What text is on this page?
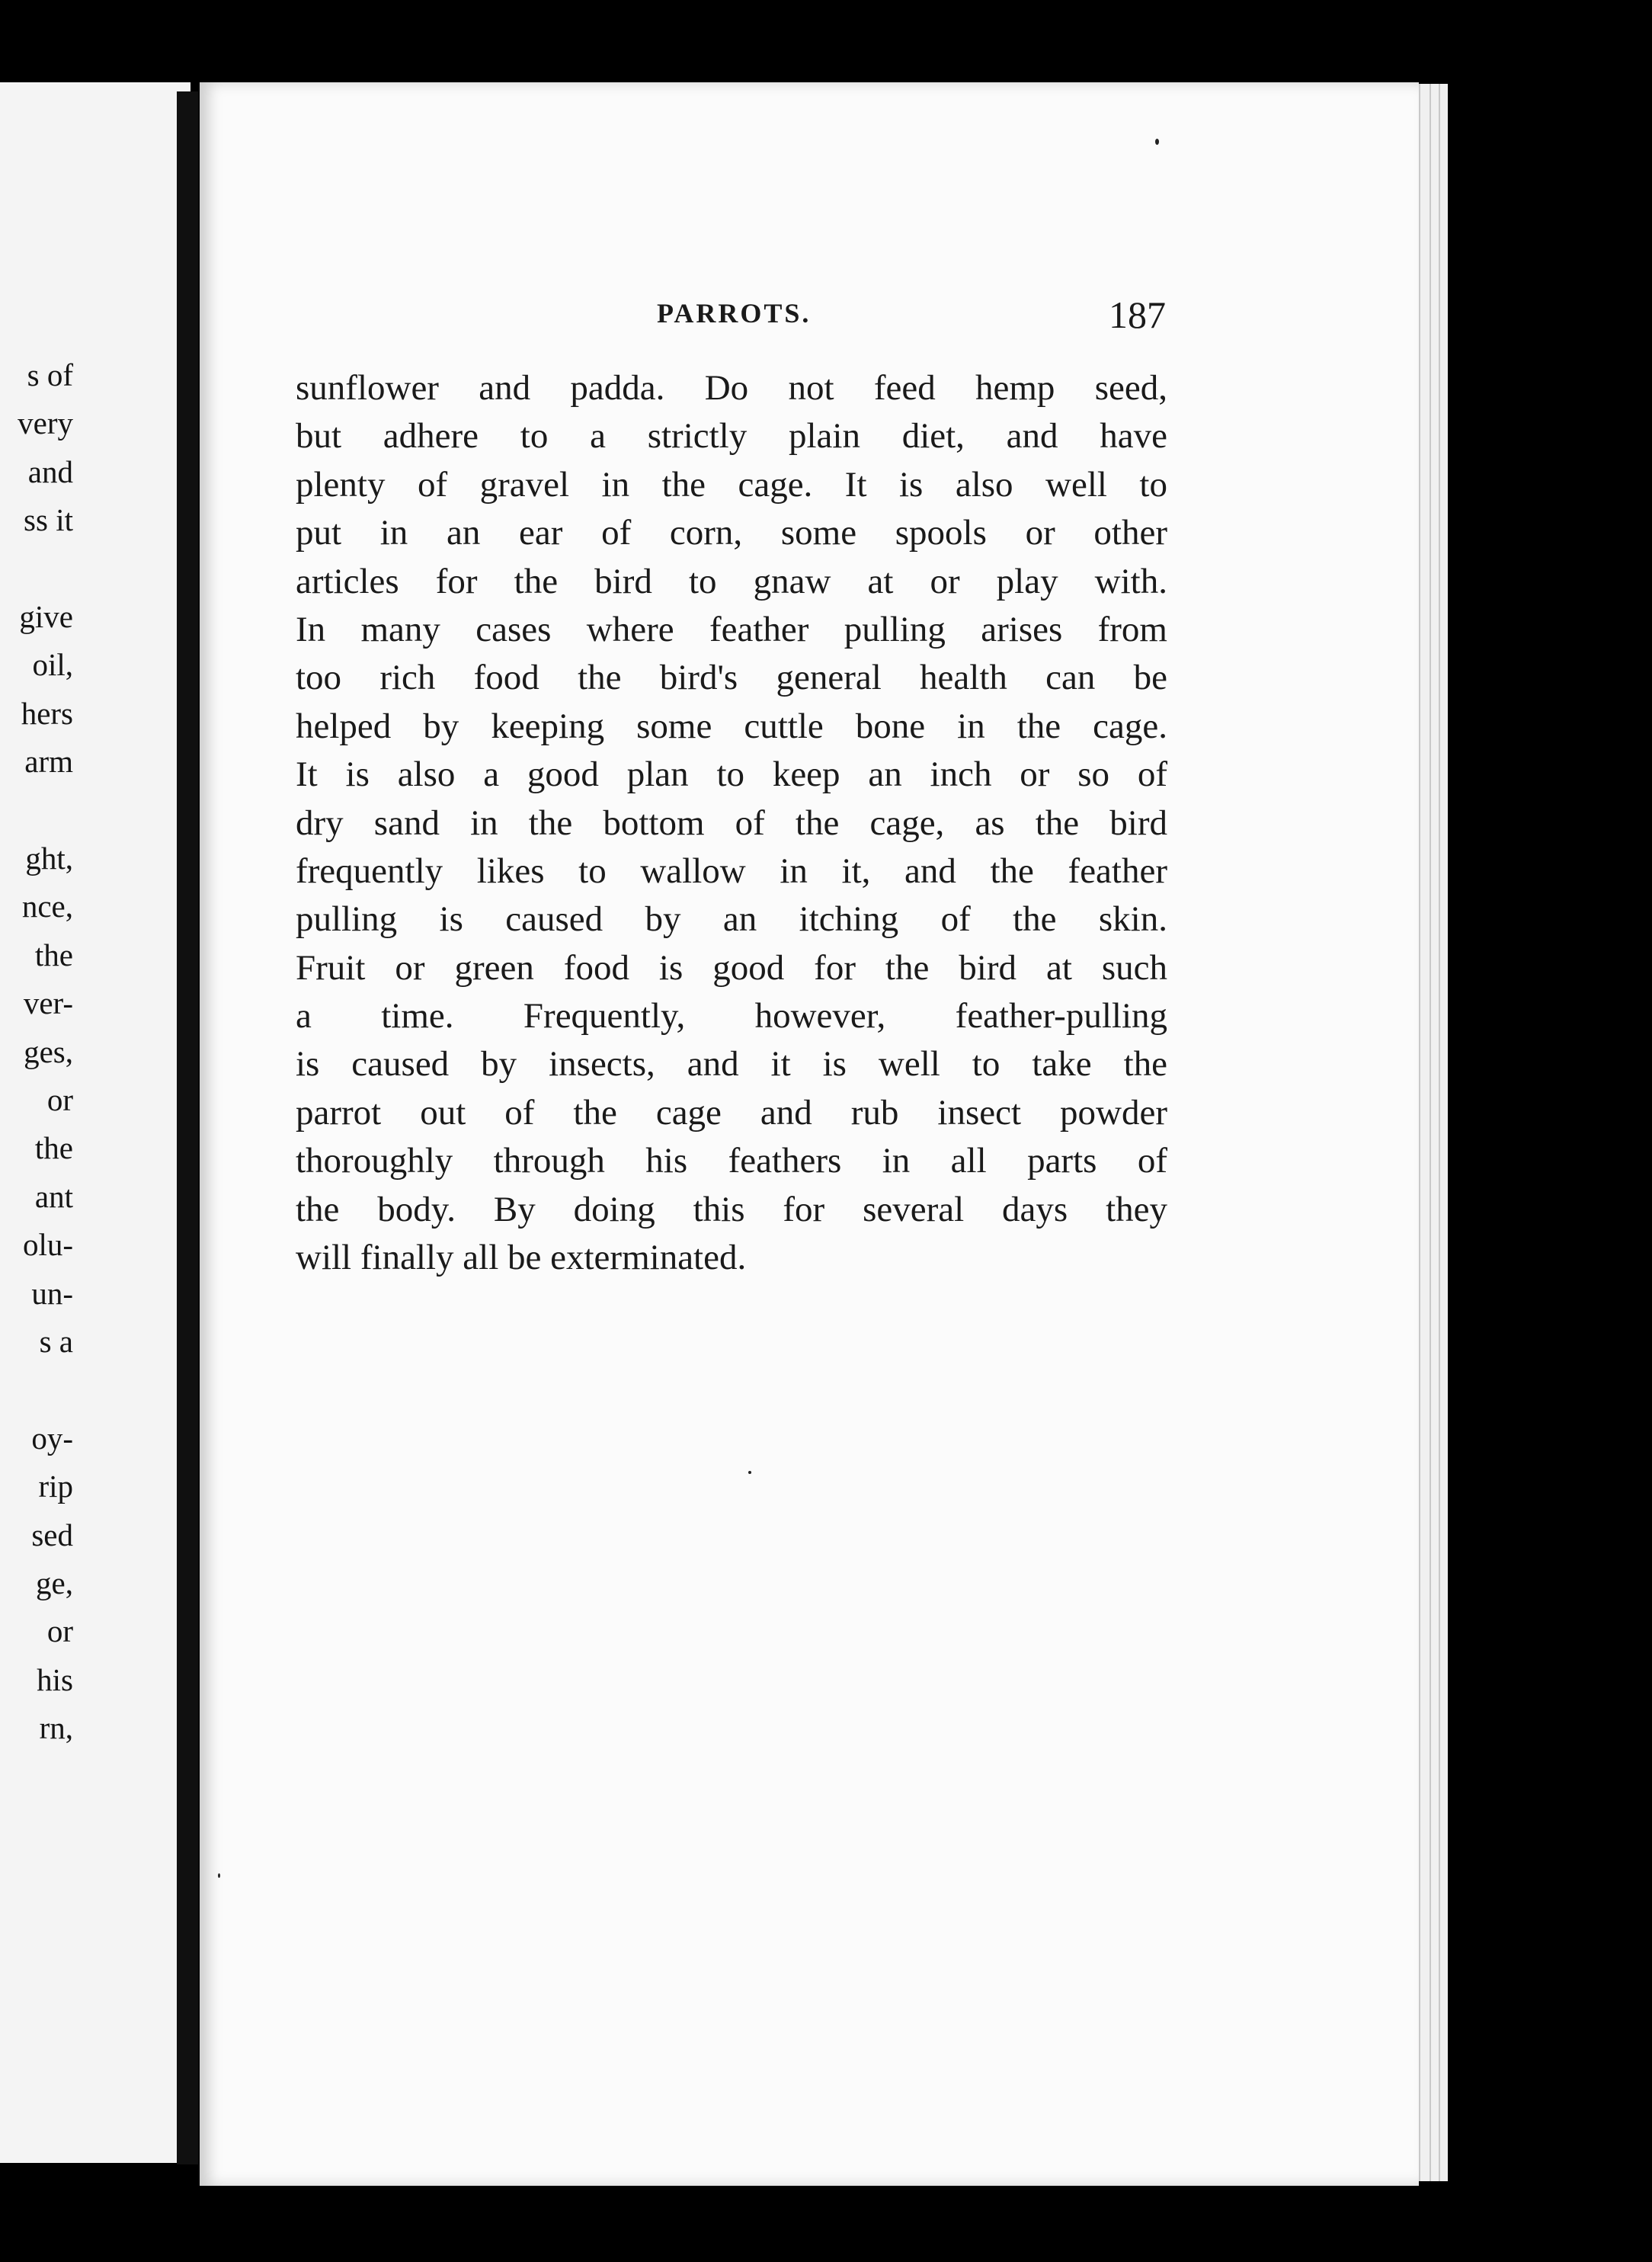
PARROTS.	187
sunflower and padda. Do not feed hemp seed,
but adhere to a strictly plain diet, and have
plenty of gravel in the cage. It is also well to
put in an ear of corn, some spools or other
articles for the bird to gnaw at or play with.
In many cases where feather pulling arises from
too rich food the bird's general health can be
helped by keeping some cuttle bone in the cage.
It is also a good plan to keep an inch or so of
dry sand in the bottom of the cage, as the bird
frequently likes to wallow in it, and the feather
pulling is caused by an itching of the skin.
Fruit or green food is good for the bird at such
a time. Frequently, however, feather-pulling
is caused by insects, and it is well to take the
parrot out of the cage and rub insect powder
thoroughly through his feathers in all parts of
the body. By doing this for several days they
will finally all be exterminated.
s of
very
and
ss it
give
oil,
hers
arm
ght,
nce,
the
ver-
ges,
or
the
ant
olu-
un-
s a
oy-
rip
sed
ge,
or
his
rn,
